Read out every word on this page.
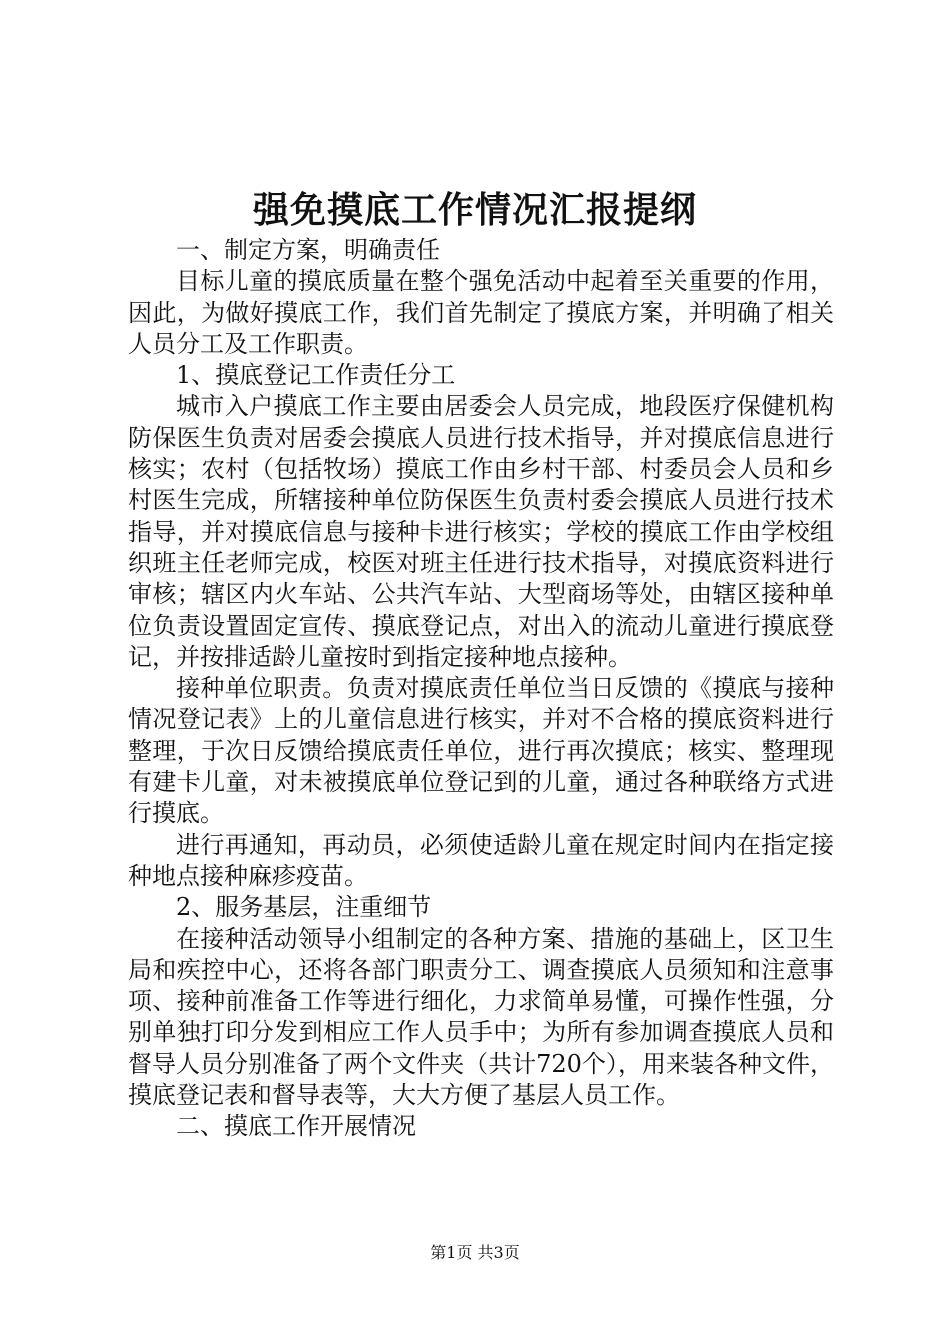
强免摸底工作情况汇报提纲

一、制定方案，明确责任

目标儿童的摸底质量在整个强免活动中起着至关重要的作用，因此，为做好摸底工作，我们首先制定了摸底方案，并明确了相关人员分工及工作职责。

1、摸底登记工作责任分工

城市入户摸底工作主要由居委会人员完成，地段医疗保健机构防保医生负责对居委会摸底人员进行技术指导，并对摸底信息进行核实；农村（包括牧场）摸底工作由乡村干部、村委员会人员和乡村医生完成，所辖接种单位防保医生负责村委会摸底人员进行技术指导，并对摸底信息与接种卡进行核实；学校的摸底工作由学校组织班主任老师完成，校医对班主任进行技术指导，对摸底资料进行审核；辖区内火车站、公共汽车站、大型商场等处，由辖区接种单位负责设置固定宣传、摸底登记点，对出入的流动儿童进行摸底登记，并按排适龄儿童按时到指定接种地点接种。

接种单位职责。负责对摸底责任单位当日反馈的《摸底与接种情况登记表》上的儿童信息进行核实，并对不合格的摸底资料进行整理，于次日反馈给摸底责任单位，进行再次摸底；核实、整理现有建卡儿童，对未被摸底单位登记到的儿童，通过各种联络方式进行摸底。

进行再通知，再动员，必须使适龄儿童在规定时间内在指定接种地点接种麻疹疫苗。

2、服务基层，注重细节

在接种活动领导小组制定的各种方案、措施的基础上，区卫生局和疾控中心，还将各部门职责分工、调查摸底人员须知和注意事项、接种前准备工作等进行细化，力求简单易懂，可操作性强，分别单独打印分发到相应工作人员手中；为所有参加调查摸底人员和督导人员分别准备了两个文件夹（共计720个），用来装各种文件，摸底登记表和督导表等，大大方便了基层人员工作。

二、摸底工作开展情况

第1页 共3页
